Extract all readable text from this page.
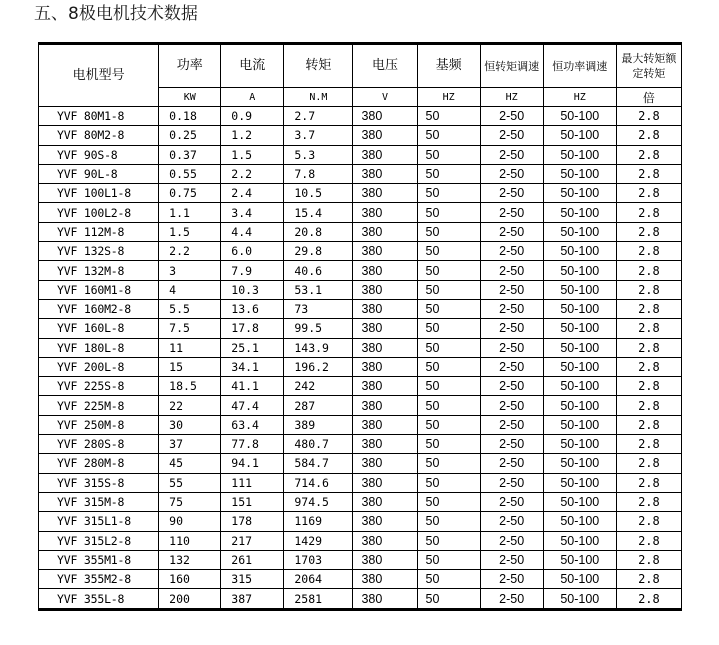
五、8极电机技术数据
电机型号	功率	电流	转矩	电压	基频	恒转矩调速	恒功率调速	最大转矩额定转矩
	KW	A	N.M	V	HZ	HZ	HZ	倍
YVF 80M1-8	0.18	0.9	2.7	380	50	2-50	50-100	2.8
YVF 80M2-8	0.25	1.2	3.7	380	50	2-50	50-100	2.8
YVF 90S-8	0.37	1.5	5.3	380	50	2-50	50-100	2.8
YVF 90L-8	0.55	2.2	7.8	380	50	2-50	50-100	2.8
YVF 100L1-8	0.75	2.4	10.5	380	50	2-50	50-100	2.8
YVF 100L2-8	1.1	3.4	15.4	380	50	2-50	50-100	2.8
YVF 112M-8	1.5	4.4	20.8	380	50	2-50	50-100	2.8
YVF 132S-8	2.2	6.0	29.8	380	50	2-50	50-100	2.8
YVF 132M-8	3	7.9	40.6	380	50	2-50	50-100	2.8
YVF 160M1-8	4	10.3	53.1	380	50	2-50	50-100	2.8
YVF 160M2-8	5.5	13.6	73	380	50	2-50	50-100	2.8
YVF 160L-8	7.5	17.8	99.5	380	50	2-50	50-100	2.8
YVF 180L-8	11	25.1	143.9	380	50	2-50	50-100	2.8
YVF 200L-8	15	34.1	196.2	380	50	2-50	50-100	2.8
YVF 225S-8	18.5	41.1	242	380	50	2-50	50-100	2.8
YVF 225M-8	22	47.4	287	380	50	2-50	50-100	2.8
YVF 250M-8	30	63.4	389	380	50	2-50	50-100	2.8
YVF 280S-8	37	77.8	480.7	380	50	2-50	50-100	2.8
YVF 280M-8	45	94.1	584.7	380	50	2-50	50-100	2.8
YVF 315S-8	55	111	714.6	380	50	2-50	50-100	2.8
YVF 315M-8	75	151	974.5	380	50	2-50	50-100	2.8
YVF 315L1-8	90	178	1169	380	50	2-50	50-100	2.8
YVF 315L2-8	110	217	1429	380	50	2-50	50-100	2.8
YVF 355M1-8	132	261	1703	380	50	2-50	50-100	2.8
YVF 355M2-8	160	315	2064	380	50	2-50	50-100	2.8
YVF 355L-8	200	387	2581	380	50	2-50	50-100	2.8
